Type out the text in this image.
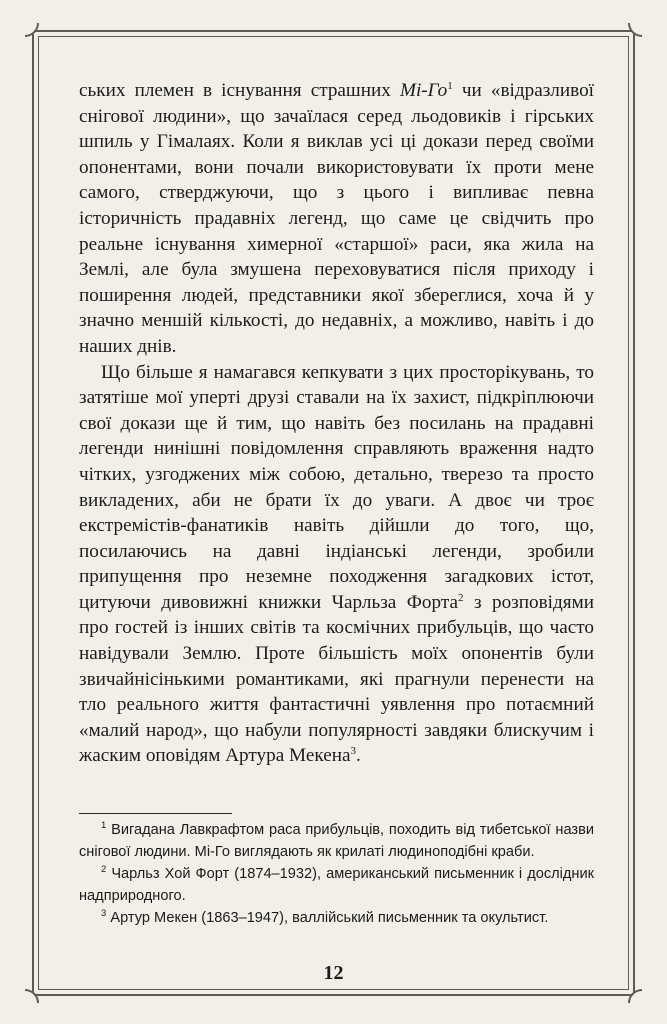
ських племен в існування страшних $Мі-Го^1$ чи «відразливої снігової людини», що зачаїлася серед льодовиків і гірських шпиль у Гімалаях. Коли я виклав усі ці докази перед своїми опонентами, вони почали використовувати їх проти мене самого, стверджуючи, що з цього і випливає певна історичність прадавніх легенд, що саме це свідчить про реальне існування химерної «старшої» раси, яка жила на Землі, але була змушена переховуватися після приходу і поширення людей, представники якої збереглися, хоча й у значно меншій кількості, до недавніх, а можливо, навіть і до наших днів.

Що більше я намагався кепкувати з цих просторікувань, то затятіше мої уперті друзі ставали на їх захист, підкріплюючи свої докази ще й тим, що навіть без посилань на прадавні легенди нинішні повідомлення справляють враження надто чітких, узгоджених між собою, детально, тверезо та просто викладених, аби не брати їх до уваги. А двоє чи троє екстремістів-фанатиків навіть дійшли до того, що, посилаючись на давні індіанські легенди, зробили припущення про неземне походження загадкових істот, цитуючи дивовижні книжки Чарльза Форта$^2$ з розповідями про гостей із інших світів та космічних прибульців, що часто навідували Землю. Проте більшість моїх опонентів були звичайнісінькими романтиками, які прагнули перенести на тло реального життя фантастичні уявлення про потаємний «малий народ», що набули популярності завдяки блискучим і жаским оповідям Артура Мекена$^3$.

$^1$ Вигадана Лавкрафтом раса прибульців, походить від тибетської назви снігової людини. Мі-Го виглядають як крилаті людиноподібні краби.

$^2$ Чарльз Хой Форт (1874–1932), американський письменник і дослідник надприродного.

$^3$ Артур Мекен (1863–1947), валлійський письменник та окультист.

12
